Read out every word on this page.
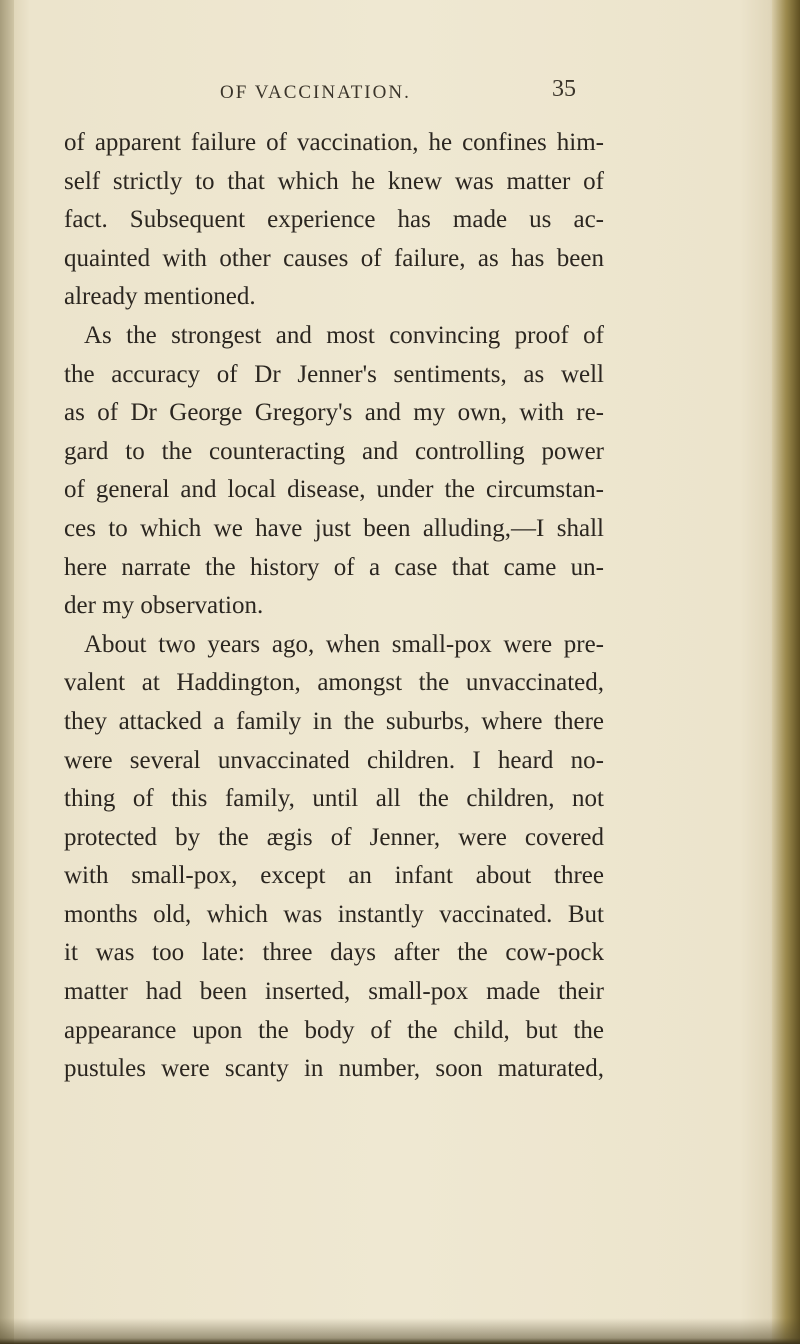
OF VACCINATION.	35
of apparent failure of vaccination, he confines him-
self strictly to that which he knew was matter of
fact. Subsequent experience has made us ac-
quainted with other causes of failure, as has been
already mentioned.
As the strongest and most convincing proof of
the accuracy of Dr Jenner's sentiments, as well
as of Dr George Gregory's and my own, with re-
gard to the counteracting and controlling power
of general and local disease, under the circumstan-
ces to which we have just been alluding,—I shall
here narrate the history of a case that came un-
der my observation.
About two years ago, when small-pox were pre-
valent at Haddington, amongst the unvaccinated,
they attacked a family in the suburbs, where there
were several unvaccinated children. I heard no-
thing of this family, until all the children, not
protected by the ægis of Jenner, were covered
with small-pox, except an infant about three
months old, which was instantly vaccinated. But
it was too late: three days after the cow-pock
matter had been inserted, small-pox made their
appearance upon the body of the child, but the
pustules were scanty in number, soon maturated,
